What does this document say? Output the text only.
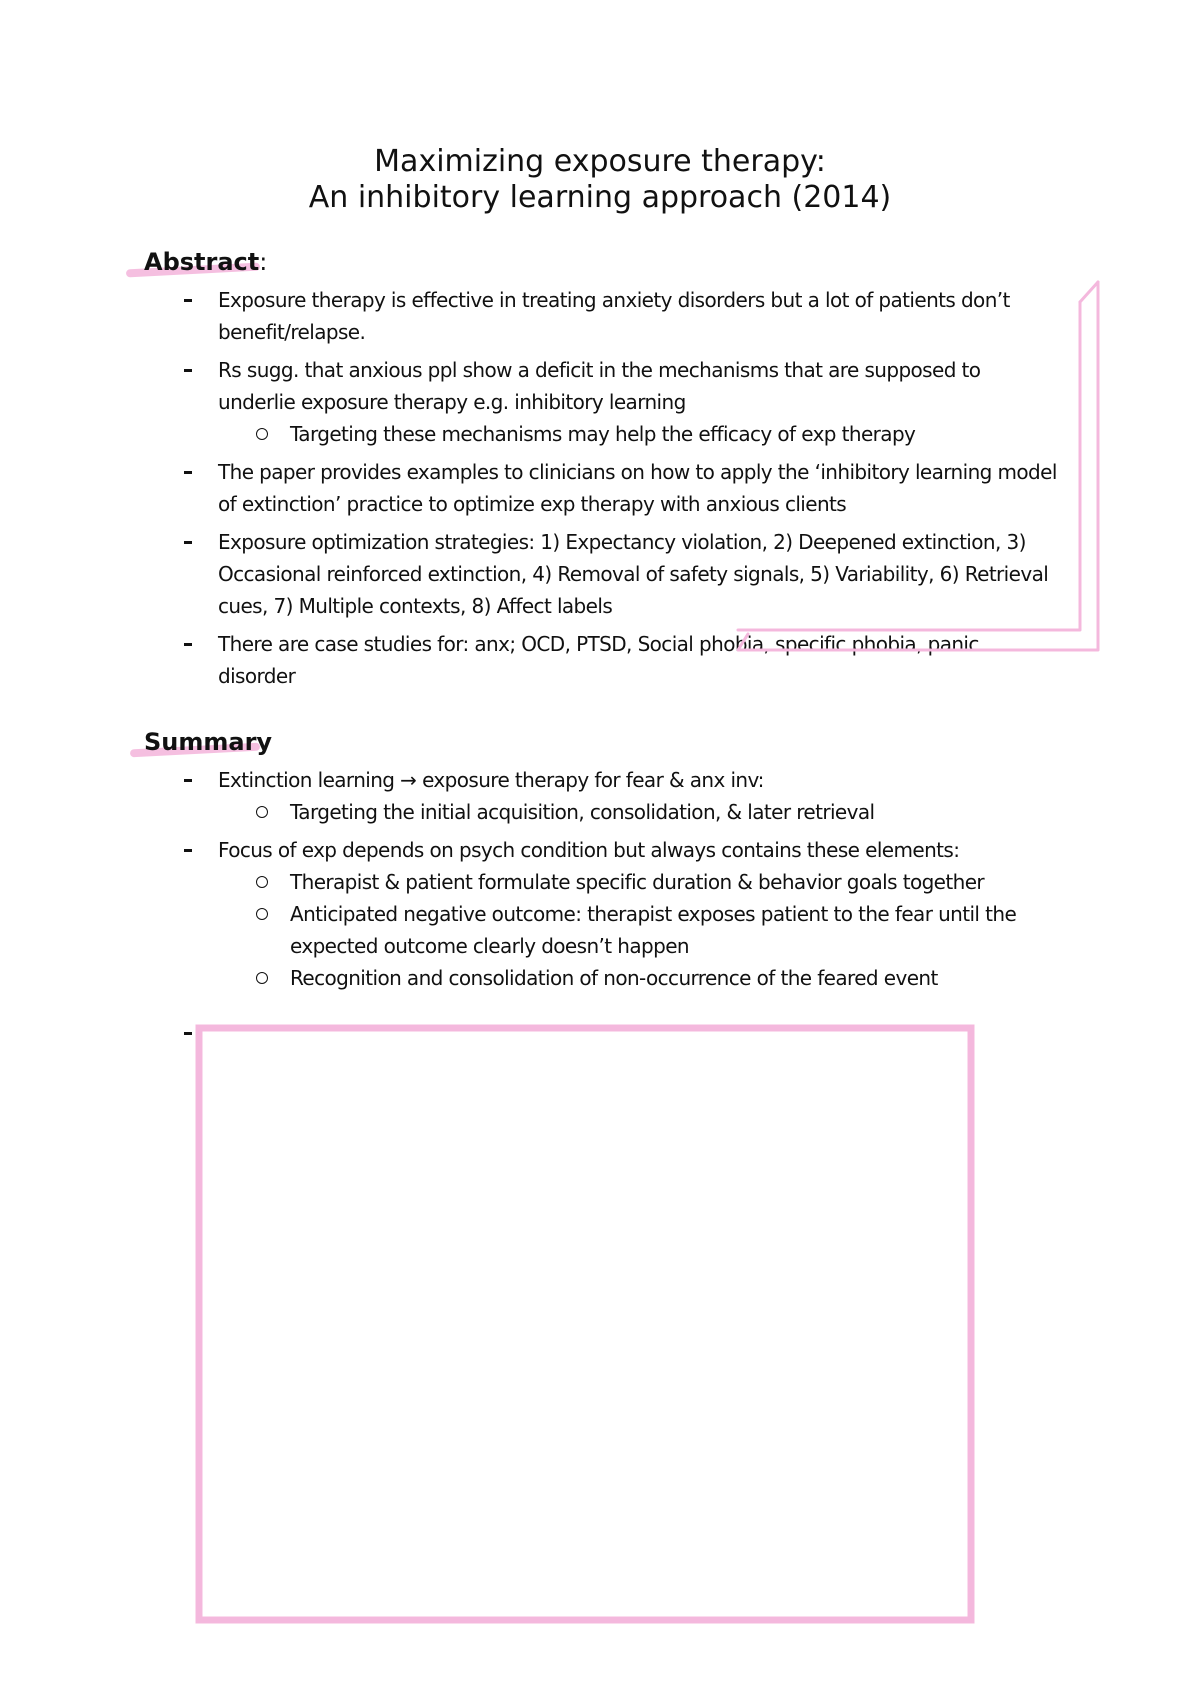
Maximizing exposure therapy:
An inhibitory learning approach (2014)
Abstract:
Exposure therapy is effective in treating anxiety disorders but a lot of patients don’t benefit/relapse.
Rs sugg. that anxious ppl show a deficit in the mechanisms that are supposed to underlie exposure therapy e.g. inhibitory learning
Targeting these mechanisms may help the efficacy of exp therapy
The paper provides examples to clinicians on how to apply the ‘inhibitory learning model of extinction’ practice to optimize exp therapy with anxious clients
Exposure optimization strategies: 1) Expectancy violation, 2) Deepened extinction, 3) Occasional reinforced extinction, 4) Removal of safety signals, 5) Variability, 6) Retrieval cues, 7) Multiple contexts, 8) Affect labels
There are case studies for: anx; OCD, PTSD, Social phobia, specific phobia, panic disorder
Summary
Extinction learning → exposure therapy for fear & anx inv:
Targeting the initial acquisition, consolidation, & later retrieval
Focus of exp depends on psych condition but always contains these elements:
Therapist & patient formulate specific duration & behavior goals together
Anticipated negative outcome: therapist exposes patient to the fear until the expected outcome clearly doesn’t happen
Recognition and consolidation of non-occurrence of the feared event
